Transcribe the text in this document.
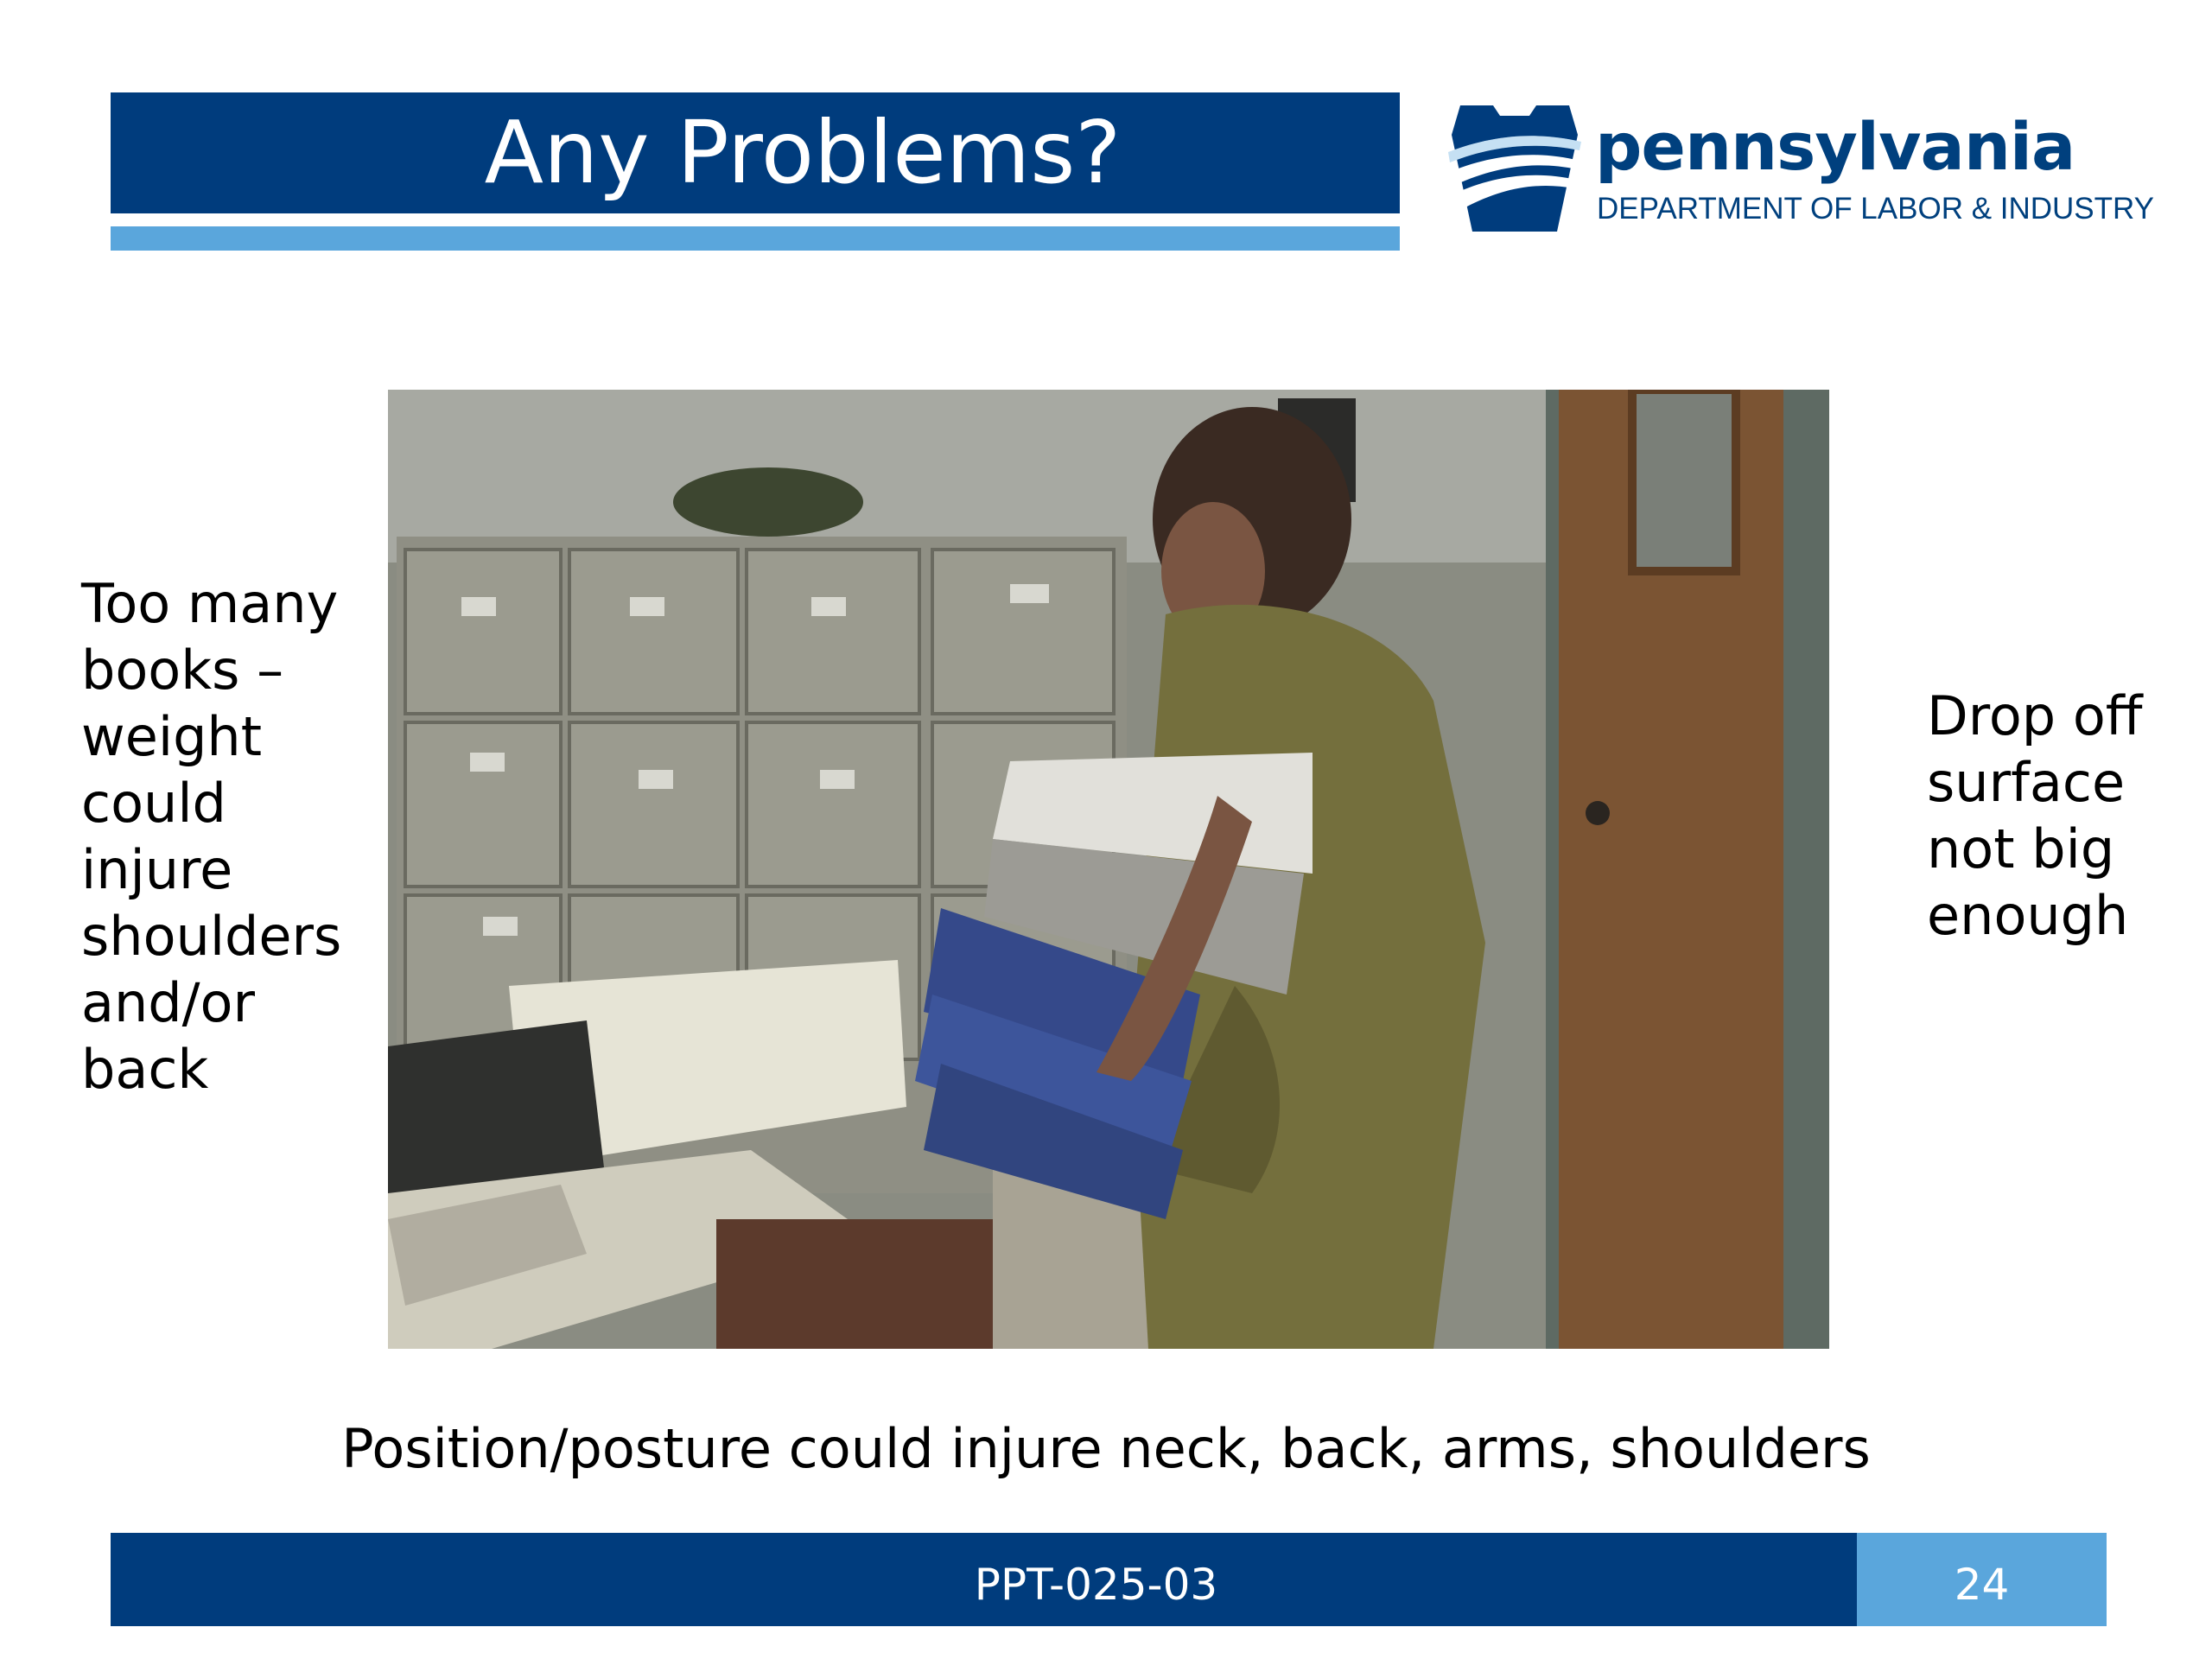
Any Problems?	pennsylvania
DEPARTMENT OF LABOR & INDUSTRY
Too many books – weight could injure shoulders and/or back
Drop off surface not big enough
Position/posture could injure neck, back, arms, shoulders
PPT-025-03	24
